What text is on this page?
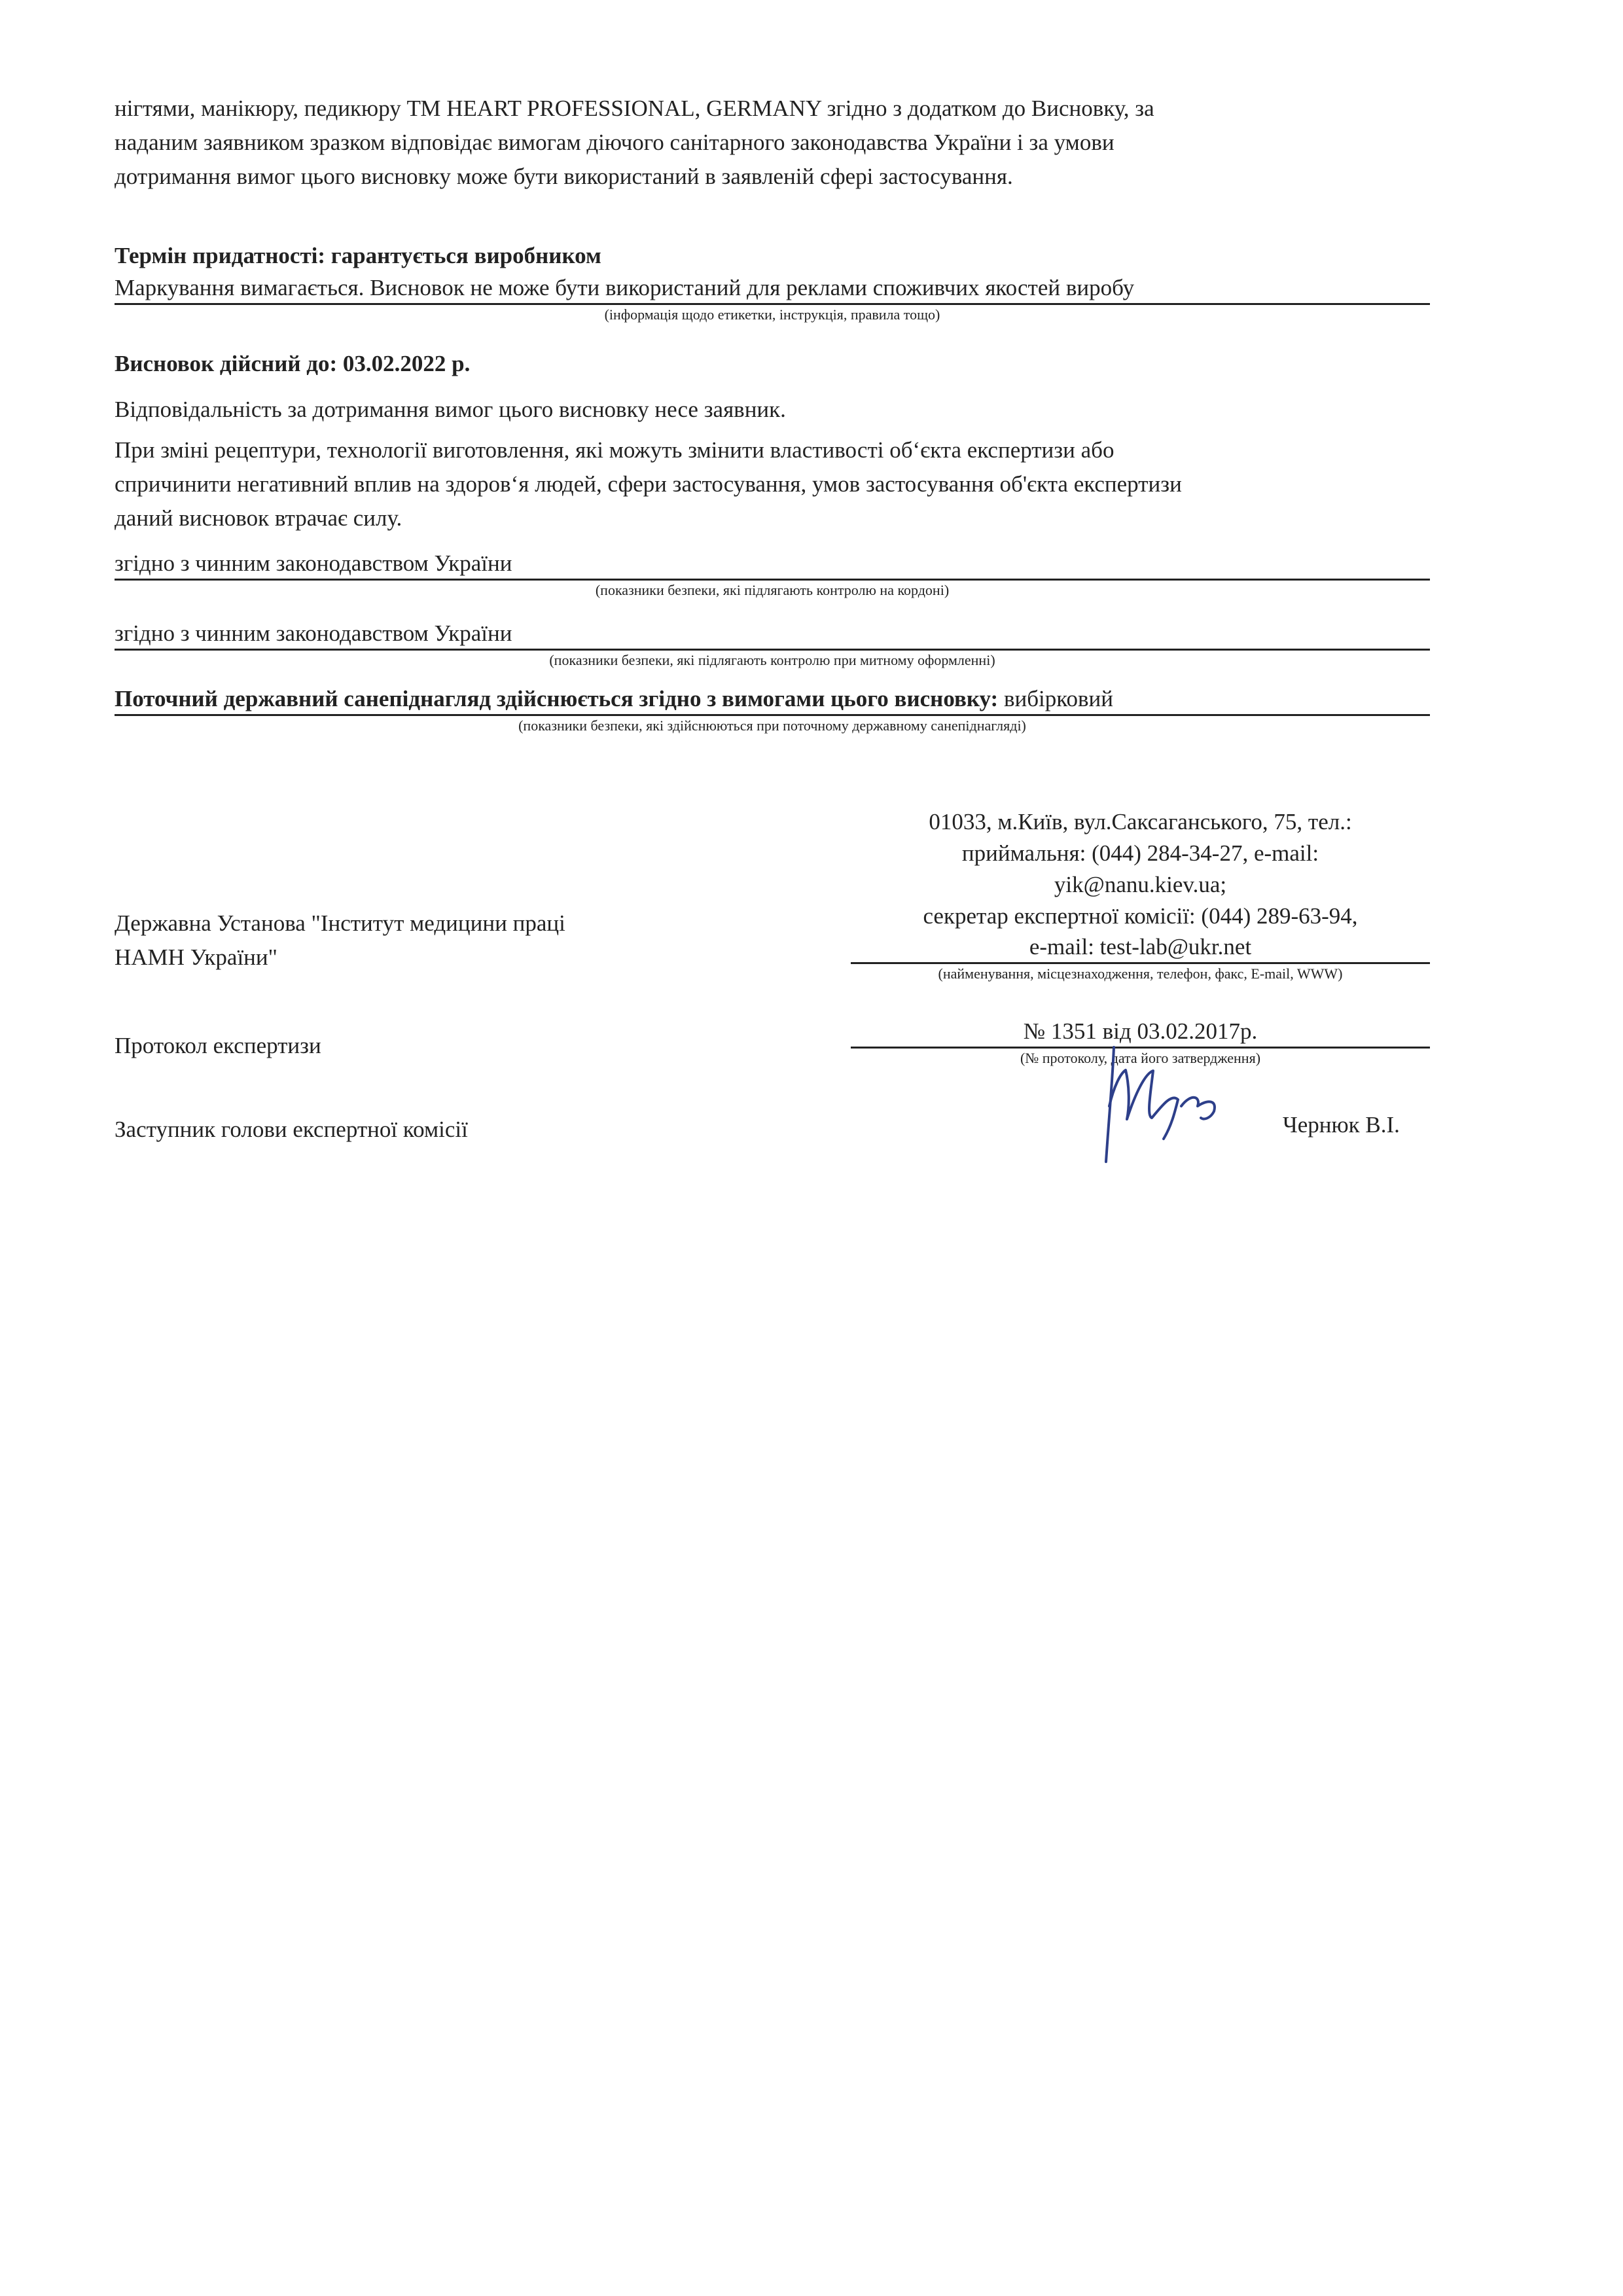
нігтями, манікюру, педикюру ТМ HEART PROFESSIONAL, GERMANY згідно з додатком до Висновку, за

наданим заявником зразком відповідає вимогам діючого санітарного законодавства України і за умови

дотримання вимог цього висновку може бути використаний в заявленій сфері застосування.

Термін придатності: гарантується виробником

Маркування вимагається. Висновок не може бути використаний для реклами споживчих якостей виробу

(інформація щодо етикетки, інструкція, правила тощо)

Висновок дійсний до: 03.02.2022 р.

Відповідальність за дотримання вимог цього висновку несе заявник.

При зміні рецептури, технології виготовлення, які можуть змінити властивості об‘єкта експертизи або

спричинити негативний вплив на здоров‘я людей, сфери застосування, умов застосування об'єкта експертизи

даний висновок втрачає силу.

згідно з чинним законодавством України

(показники безпеки, які підлягають контролю на кордоні)

згідно з чинним законодавством України

(показники безпеки, які підлягають контролю при митному оформленні)

Поточний державний санепіднагляд здійснюється згідно з вимогами цього висновку: вибірковий

(показники безпеки, які здійснюються при поточному державному санепіднагляді)

01033, м.Київ, вул.Саксаганського, 75, тел.:

приймальня: (044) 284-34-27, e-mail:

yik@nanu.kiev.ua;

секретар експертної комісії: (044) 289-63-94,

e-mail: test-lab@ukr.net

(найменування, місцезнаходження, телефон, факс, E-mail, WWW)

Державна Установа "Інститут медицини праці

НАМН України"

Протокол експертизи

№ 1351 від 03.02.2017р.

(№ протоколу, дата його затвердження)

Заступник голови експертної комісії	Чернюк В.І.
